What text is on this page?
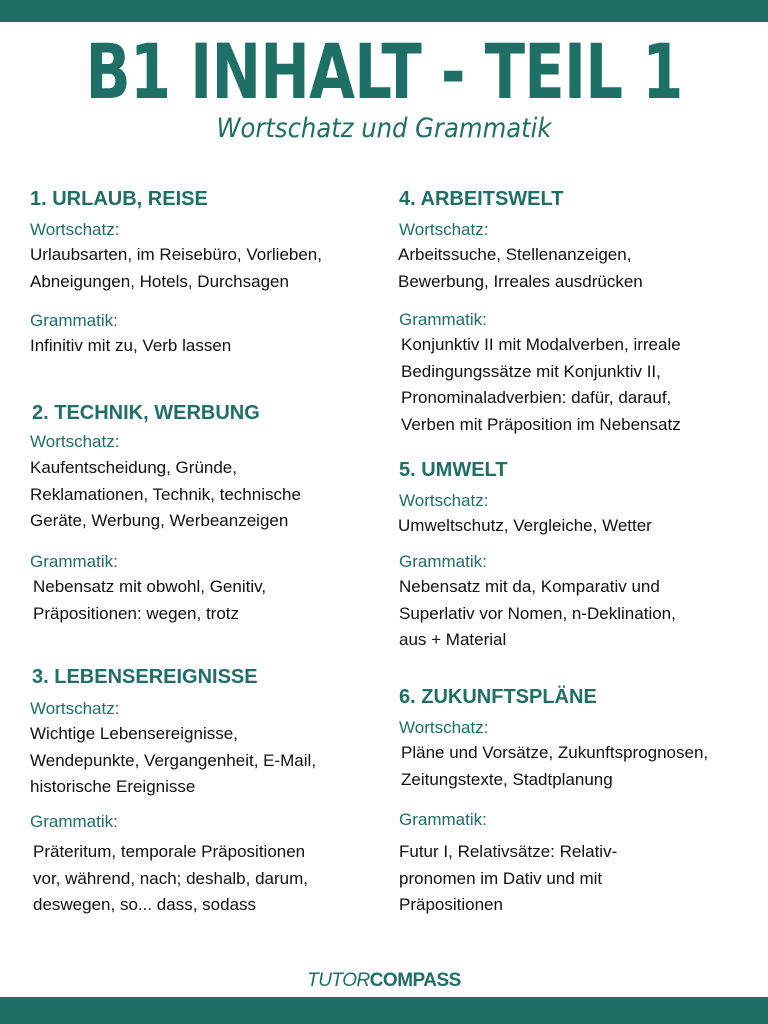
B1 INHALT - TEIL 1
Wortschatz und Grammatik
1. URLAUB, REISE
Wortschatz:
Urlaubsarten, im Reisebüro, Vorlieben,
Abneigungen, Hotels, Durchsagen
Grammatik:
Infinitiv mit zu, Verb lassen
2. TECHNIK, WERBUNG
Wortschatz:
Kaufentscheidung, Gründe,
Reklamationen, Technik, technische
Geräte, Werbung, Werbeanzeigen
Grammatik:
Nebensatz mit obwohl, Genitiv,
Präpositionen: wegen, trotz
3. LEBENSEREIGNISSE
Wortschatz:
Wichtige Lebensereignisse,
Wendepunkte, Vergangenheit, E-Mail,
historische Ereignisse
Grammatik:
Präteritum, temporale Präpositionen
vor, während, nach; deshalb, darum,
deswegen, so... dass, sodass
4. ARBEITSWELT
Wortschatz:
Arbeitssuche, Stellenanzeigen,
Bewerbung, Irreales ausdrücken
Grammatik:
Konjunktiv II mit Modalverben, irreale
Bedingungssätze mit Konjunktiv II,
Pronominaladverbien: dafür, darauf,
Verben mit Präposition im Nebensatz
5. UMWELT
Wortschatz:
Umweltschutz, Vergleiche, Wetter
Grammatik:
Nebensatz mit da, Komparativ und
Superlativ vor Nomen, n-Deklination,
aus + Material
6. ZUKUNFTSPLÄNE
Wortschatz:
Pläne und Vorsätze, Zukunftsprognosen,
Zeitungstexte, Stadtplanung
Grammatik:
Futur I, Relativsätze: Relativ-
pronomen im Dativ und mit
Präpositionen
TUTORCOMPASS
